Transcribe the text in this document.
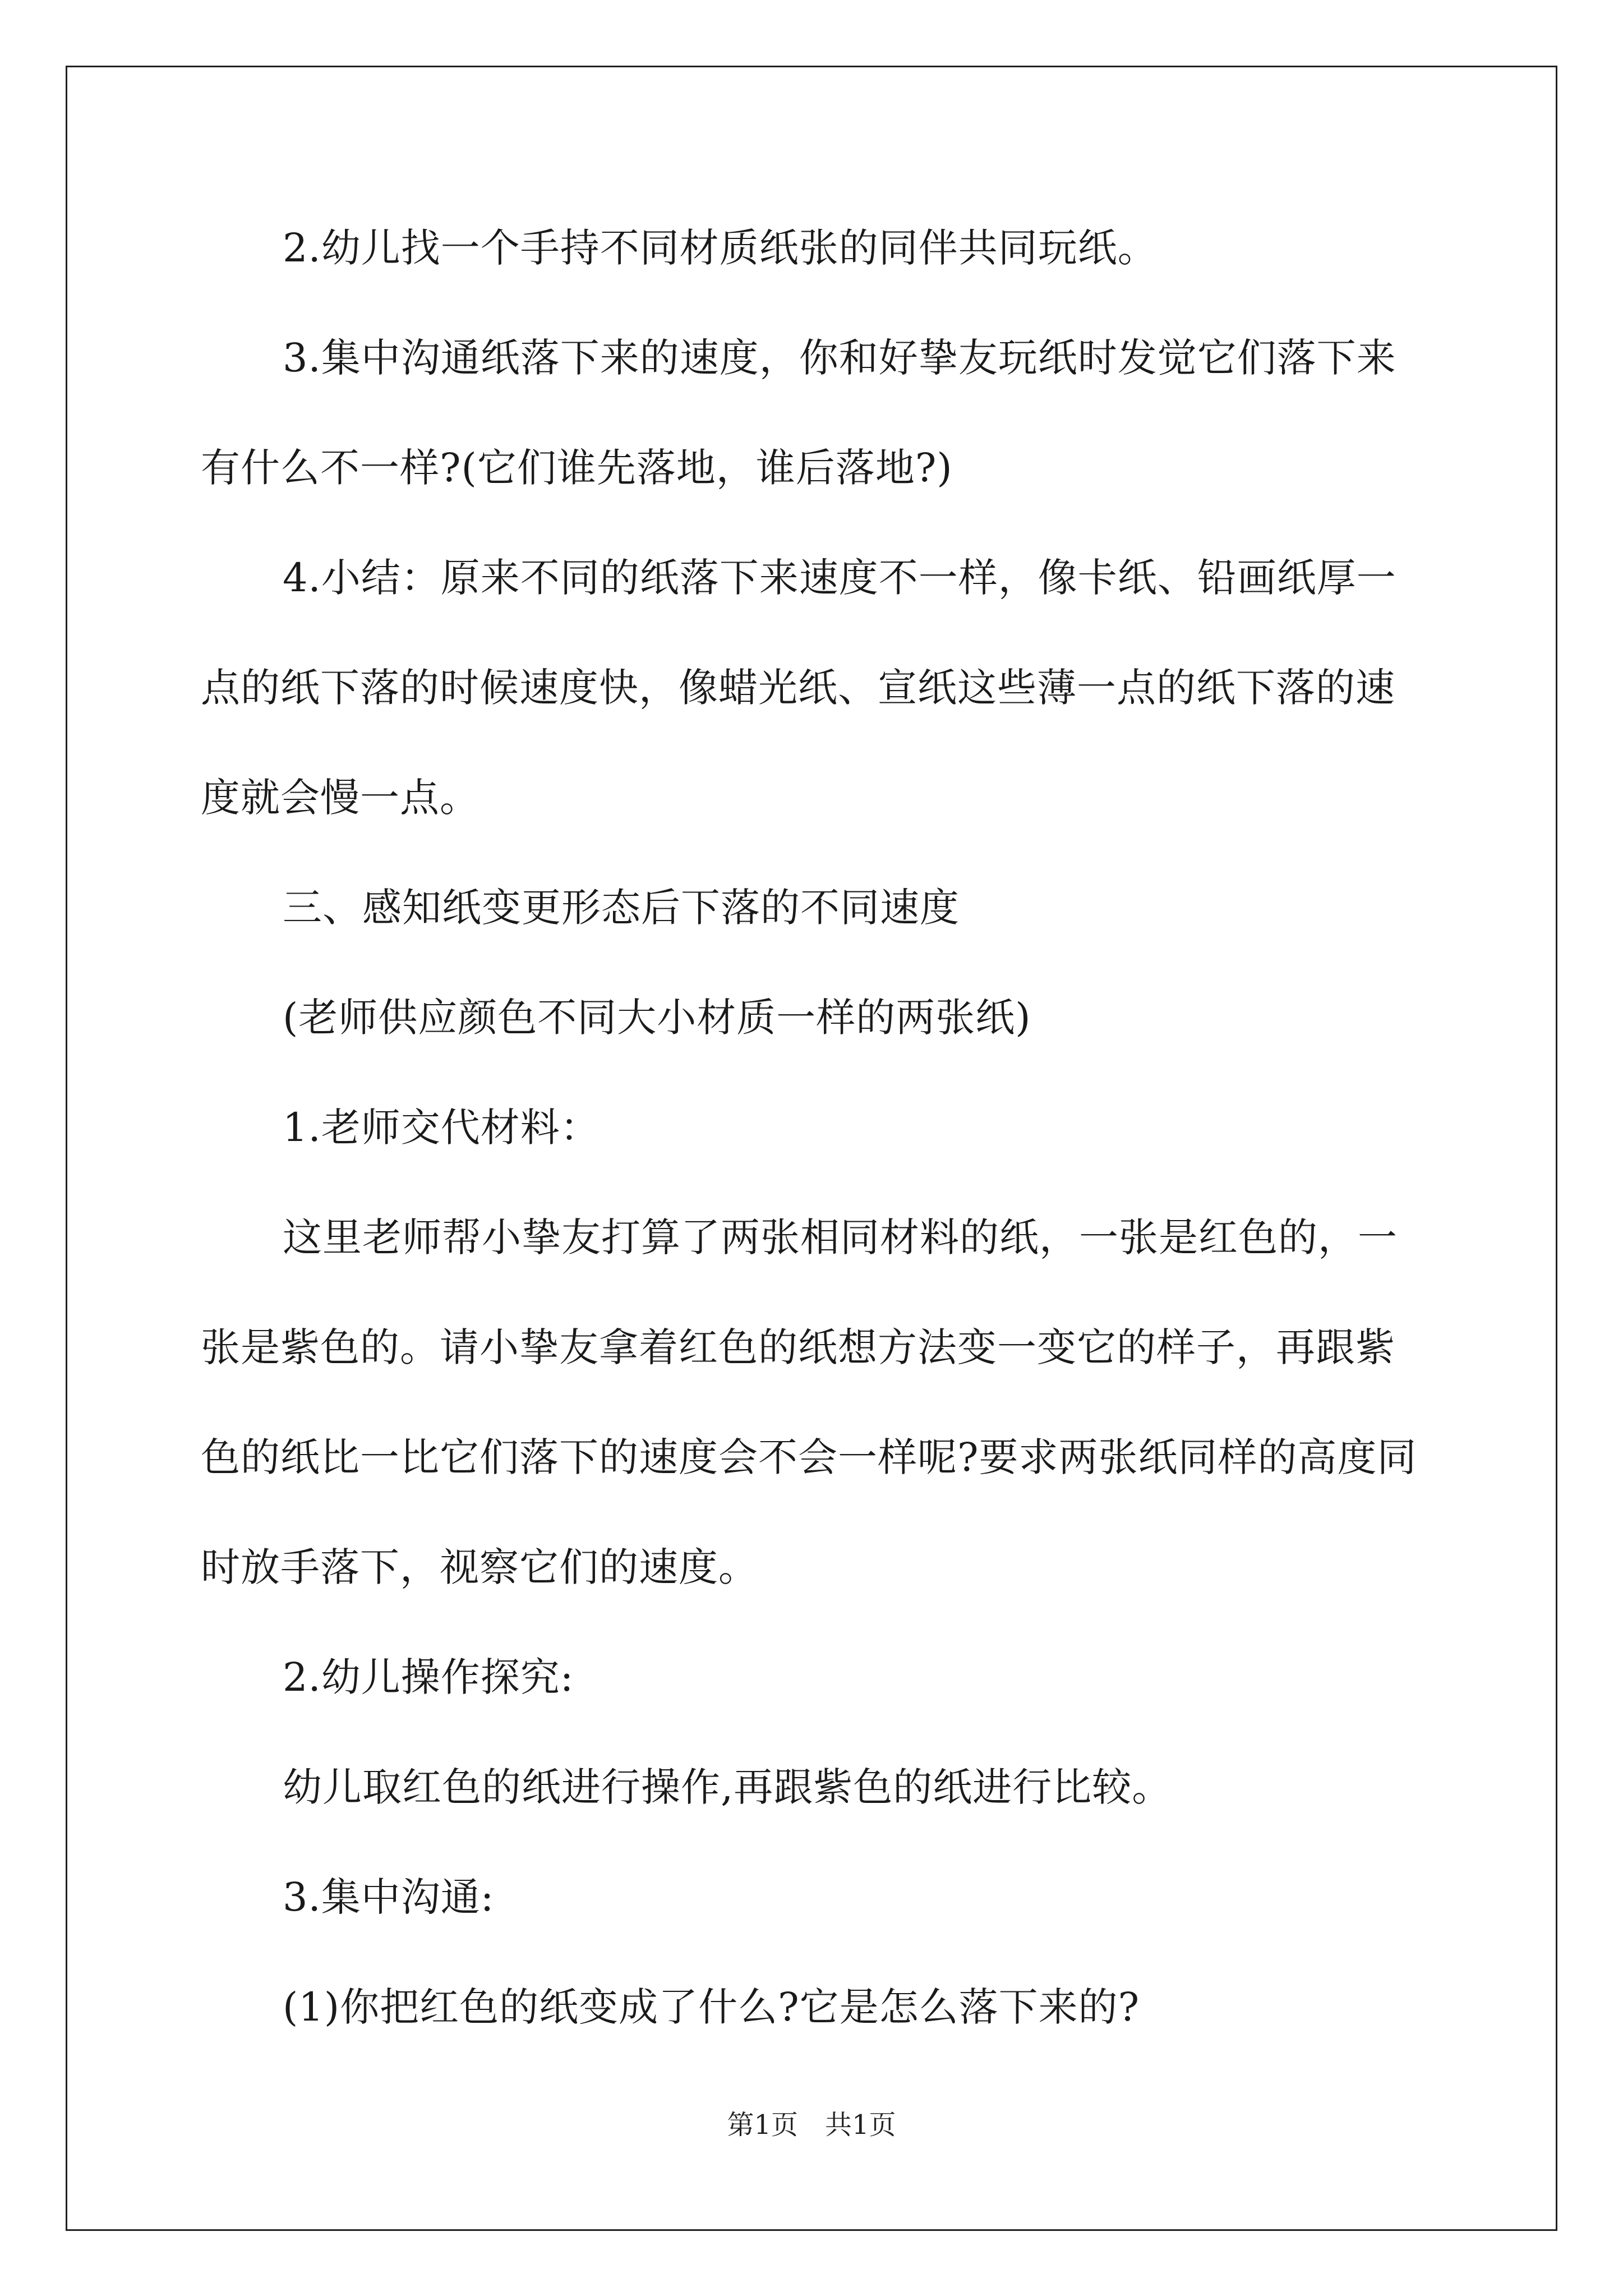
2.幼儿找一个手持不同材质纸张的同伴共同玩纸。

3.集中沟通纸落下来的速度，你和好挚友玩纸时发觉它们落下来有什么不一样?(它们谁先落地，谁后落地?)

4.小结：原来不同的纸落下来速度不一样，像卡纸、铅画纸厚一点的纸下落的时候速度快，像蜡光纸、宣纸这些薄一点的纸下落的速度就会慢一点。

三、感知纸变更形态后下落的不同速度

(老师供应颜色不同大小材质一样的两张纸)

1.老师交代材料：

这里老师帮小挚友打算了两张相同材料的纸，一张是红色的，一张是紫色的。请小挚友拿着红色的纸想方法变一变它的样子，再跟紫色的纸比一比它们落下的速度会不会一样呢?要求两张纸同样的高度同时放手落下，视察它们的速度。

2.幼儿操作探究:

幼儿取红色的纸进行操作,再跟紫色的纸进行比较。

3.集中沟通:

(1)你把红色的纸变成了什么?它是怎么落下来的?

第1页　共1页
